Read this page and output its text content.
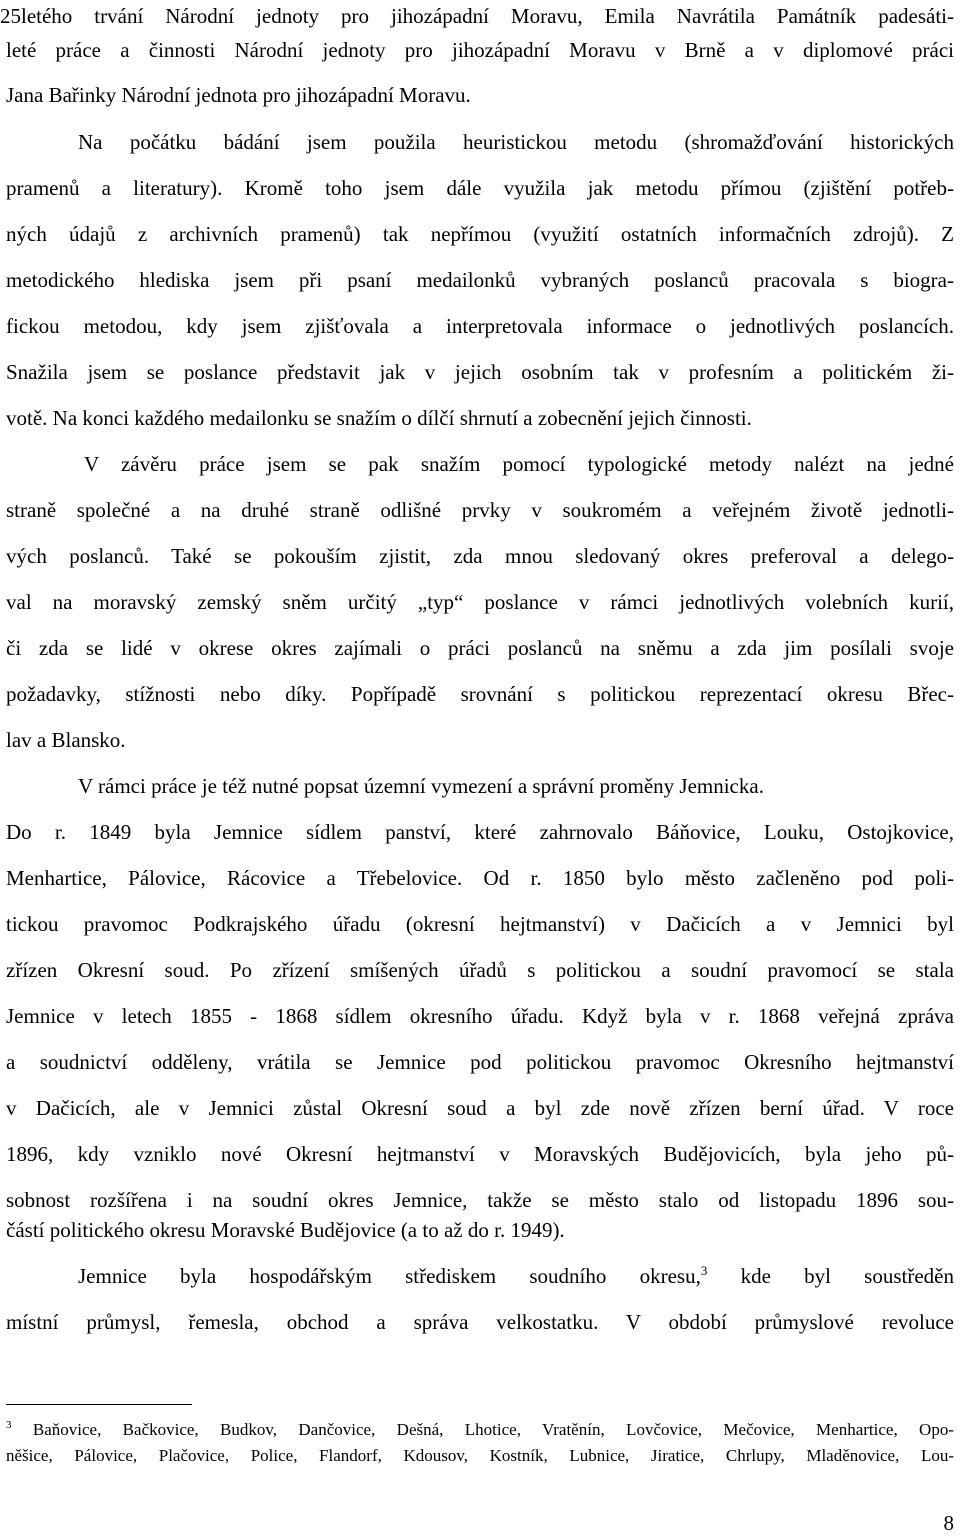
25letého trvání Národní jednoty pro jihozápadní Moravu, Emila Navrátila Památník padesáti-
leté práce a činnosti Národní jednoty pro jihozápadní Moravu v Brně a v diplomové práci
Jana Bařinky Národní jednota pro jihozápadní Moravu.
Na počátku bádání jsem použila heuristickou metodu (shromažďování historických
pramenů a literatury). Kromě toho jsem dále využila jak metodu přímou (zjištění potřeb-
ných údajů z archivních pramenů) tak nepřímou (využití ostatních informačních zdrojů). Z
metodického hlediska jsem při psaní medailonků vybraných poslanců pracovala s biogra-
fickou metodou, kdy jsem zjišťovala a interpretovala informace o jednotlivých poslancích.
Snažila jsem se poslance představit jak v jejich osobním tak v profesním a politickém ži-
votě. Na konci každého medailonku se snažím o dílčí shrnutí a zobecnění jejich činnosti.
V závěru práce jsem se pak snažím pomocí typologické metody nalézt na jedné
straně společné a na druhé straně odlišné prvky v soukromém a veřejném životě jednotli-
vých poslanců. Také se pokouším zjistit, zda mnou sledovaný okres preferoval a delego-
val na moravský zemský sněm určitý „typ“ poslance v rámci jednotlivých volebních kurií,
či zda se lidé v okrese okres zajímali o práci poslanců na sněmu a zda jim posílali svoje
požadavky, stížnosti nebo díky. Popřípadě srovnání s politickou reprezentací okresu Břec-
lav a Blansko.
V rámci práce je též nutné popsat územní vymezení a správní proměny Jemnicka.
Do r. 1849 byla Jemnice sídlem panství, které zahrnovalo Báňovice, Louku, Ostojkovice,
Menhartice, Pálovice, Rácovice a Třebelovice. Od r. 1850 bylo město začleněno pod poli-
tickou pravomoc Podkrajského úřadu (okresní hejtmanství) v Dačicích a v Jemnici byl
zřízen Okresní soud. Po zřízení smíšených úřadů s politickou a soudní pravomocí se stala
Jemnice v letech 1855 - 1868 sídlem okresního úřadu. Když byla v r. 1868 veřejná zpráva
a soudnictví odděleny, vrátila se Jemnice pod politickou pravomoc Okresního hejtmanství
v Dačicích, ale v Jemnici zůstal Okresní soud a byl zde nově zřízen berní úřad. V roce
1896, kdy vzniklo nové Okresní hejtmanství v Moravských Budějovicích, byla jeho pů-
sobnost rozšířena i na soudní okres Jemnice, takže se město stalo od listopadu 1896 sou-
částí politického okresu Moravské Budějovice (a to až do r. 1949).
Jemnice byla hospodářským střediskem soudního okresu,$^3$ kde byl soustředěn
místní průmysl, řemesla, obchod a správa velkostatku. V období průmyslové revoluce
$^3$ Baňovice, Bačkovice, Budkov, Dančovice, Dešná, Lhotice, Vratěnín, Lovčovice, Mečovice, Menhartice, Opo-
něšice, Pálovice, Plačovice, Police, Flandorf, Kdousov, Kostník, Lubnice, Jiratice, Chrlupy, Mladěnovice, Lou-
8
